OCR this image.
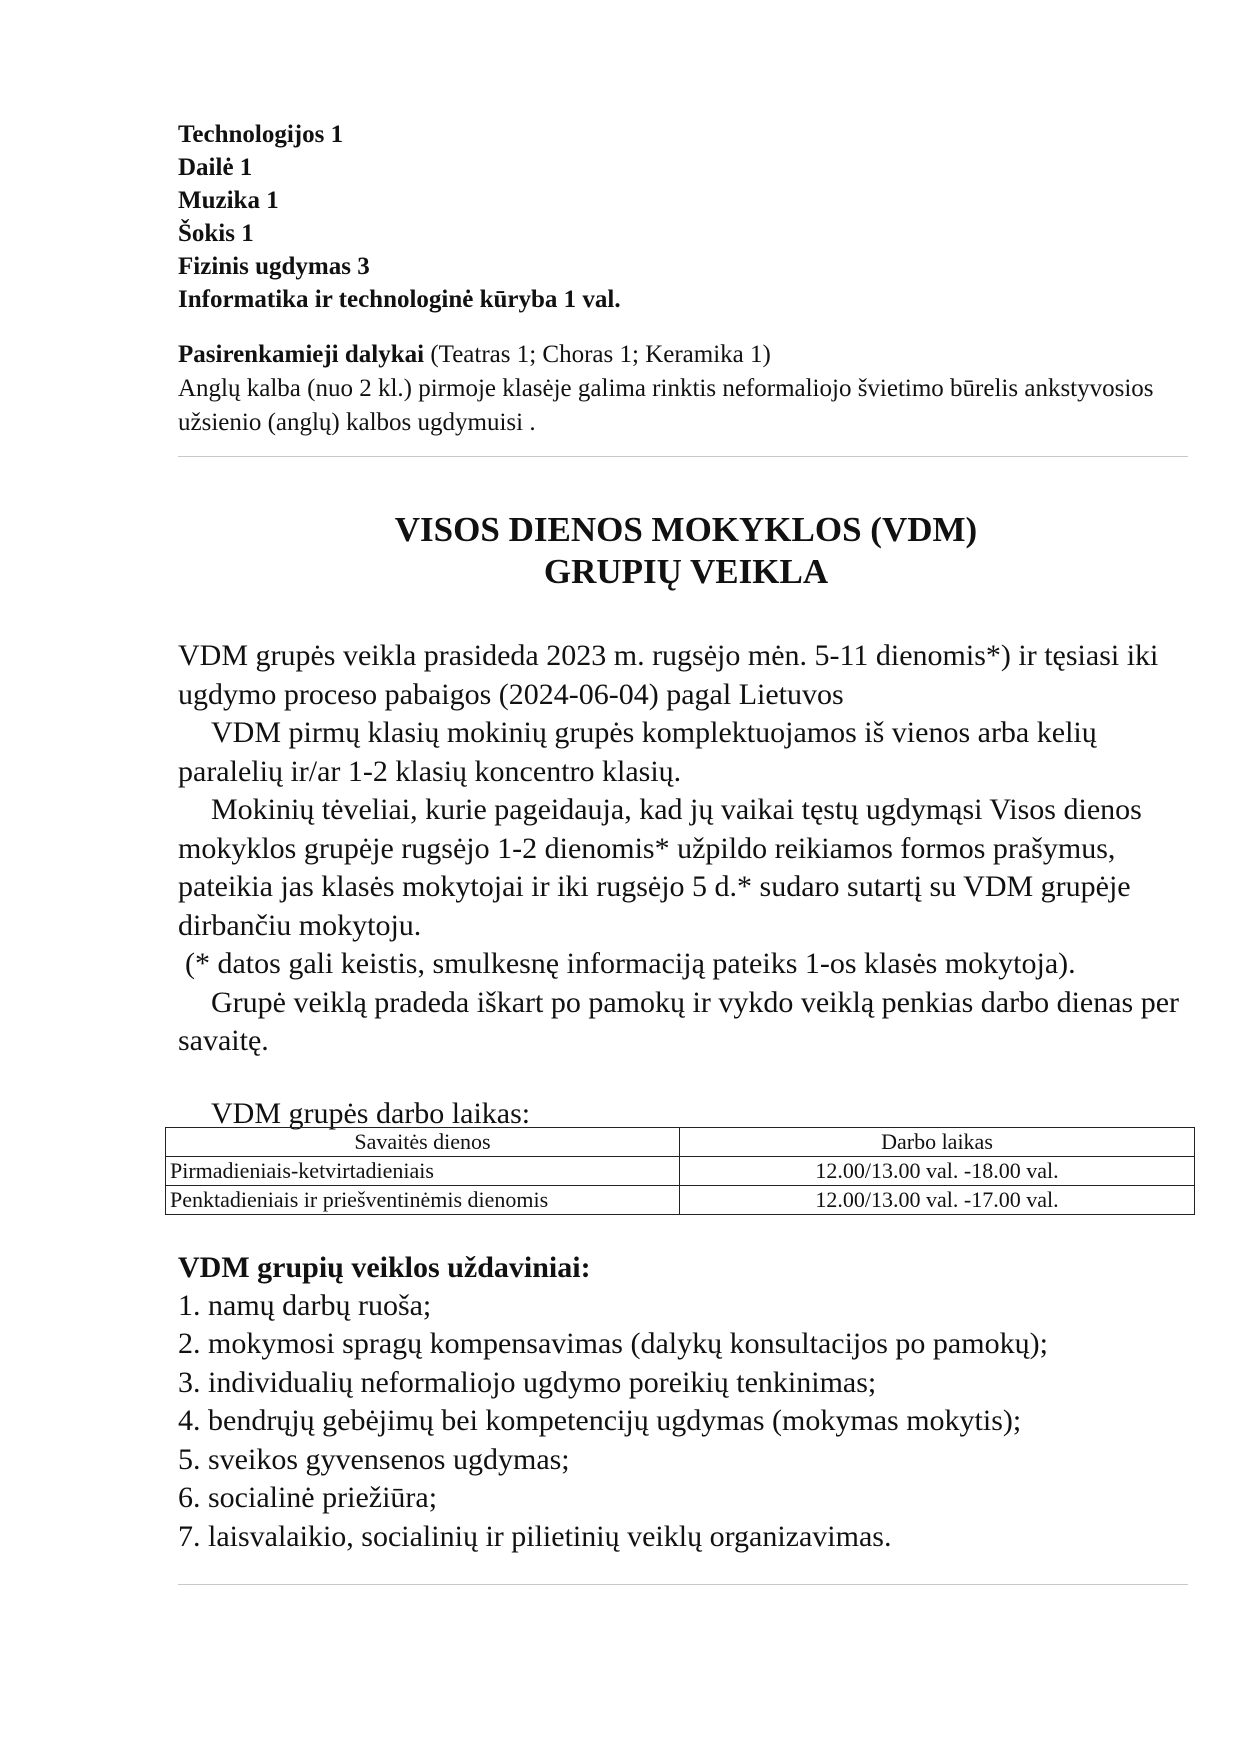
Technologijos 1

Dailė 1

Muzika 1

Šokis 1

Fizinis ugdymas 3

Informatika ir technologinė kūryba 1 val.

Pasirenkamieji dalykai (Teatras 1; Choras 1; Keramika 1)
Anglų kalba (nuo 2 kl.) pirmoje klasėje galima rinktis neformaliojo švietimo būrelis ankstyvosios užsienio (anglų) kalbos ugdymuisi .
VISOS DIENOS MOKYKLOS (VDM)
GRUPIŲ VEIKLA

VDM grupės veikla prasideda 2023 m. rugsėjo mėn. 5-11 dienomis*) ir tęsiasi iki ugdymo proceso pabaigos (2024-06-04) pagal Lietuvos

VDM pirmų klasių mokinių grupės komplektuojamos iš vienos arba kelių paralelių ir/ar 1-2 klasių koncentro klasių.

Mokinių tėveliai, kurie pageidauja, kad jų vaikai tęstų ugdymąsi Visos dienos mokyklos grupėje rugsėjo 1-2 dienomis* užpildo reikiamos formos prašymus, pateikia jas klasės mokytojai ir iki rugsėjo 5 d.* sudaro sutartį su VDM grupėje dirbančiu mokytoju.

(* datos gali keistis, smulkesnę informaciją pateiks 1-os klasės mokytoja).

Grupė veiklą pradeda iškart po pamokų ir vykdo veiklą penkias darbo dienas per savaitę.

VDM grupės darbo laikas:
Savaitės dienos	Darbo laikas
Pirmadieniais-ketvirtadieniais	12.00/13.00 val. -18.00 val.
Penktadieniais ir priešventinėmis dienomis	12.00/13.00 val. -17.00 val.
VDM grupių veiklos uždaviniai:
1. namų darbų ruoša;
2. mokymosi spragų kompensavimas (dalykų konsultacijos po pamokų);
3. individualių neformaliojo ugdymo poreikių tenkinimas;
4. bendrųjų gebėjimų bei kompetencijų ugdymas (mokymas mokytis);
5. sveikos gyvensenos ugdymas;
6. socialinė priežiūra;
7. laisvalaikio, socialinių ir pilietinių veiklų organizavimas.
